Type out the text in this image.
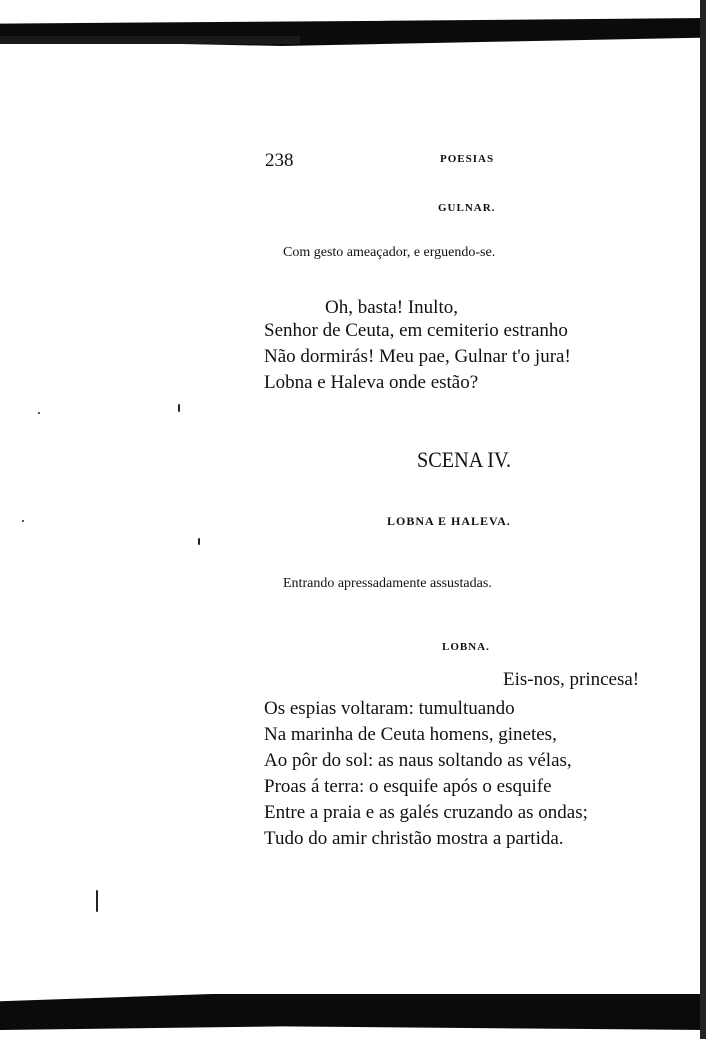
238	POESIAS
GULNAR.
Com gesto ameaçador, e erguendo-se.
Oh, basta! Inulto,
Senhor de Ceuta, em cemiterio estranho
Não dormirás! Meu pae, Gulnar t'o jura!
Lobna e Haleva onde estão?
SCENA IV.
LOBNA E HALEVA.
Entrando apressadamente assustadas.
LOBNA.
Eis-nos, princesa!
Os espias voltaram: tumultuando
Na marinha de Ceuta homens, ginetes,
Ao pôr do sol: as naus soltando as vélas,
Proas á terra: o esquife após o esquife
Entre a praia e as galés cruzando as ondas;
Tudo do amir christão mostra a partida.
